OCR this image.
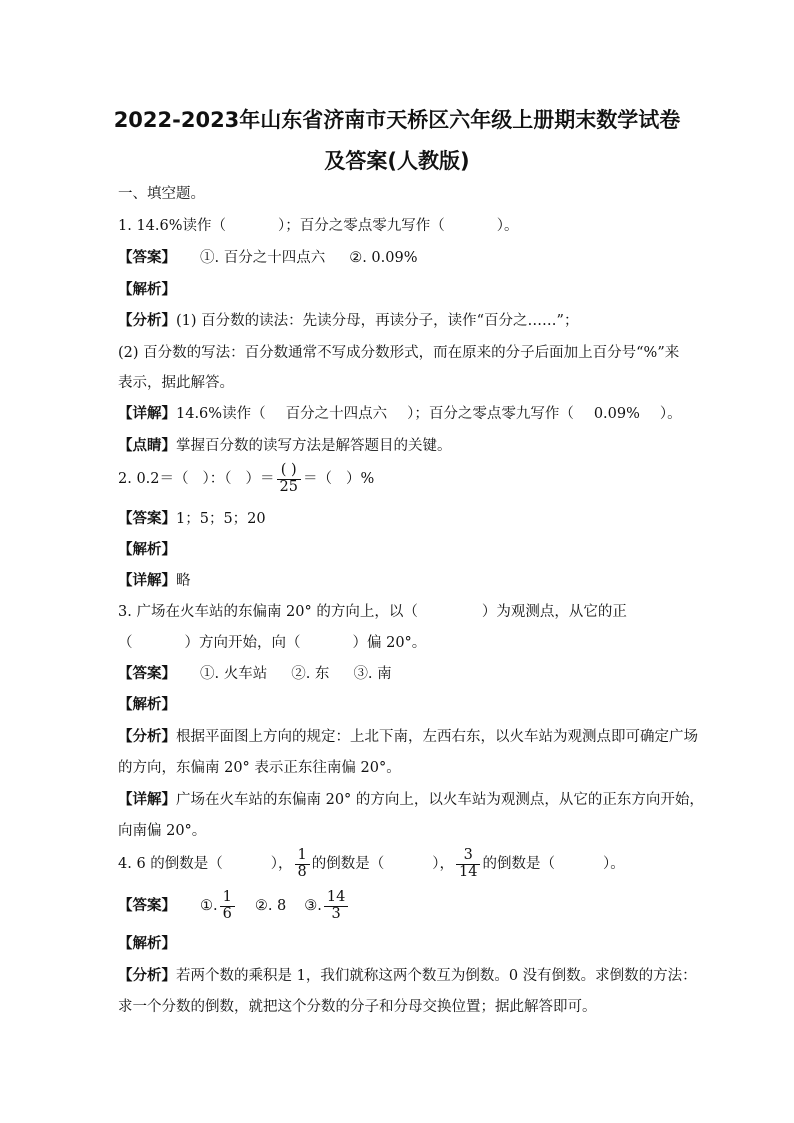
2022-2023年山东省济南市天桥区六年级上册期末数学试卷
及答案(人教版)
一、填空题。
1. 14.6%读作（	）；百分之零点零九写作（	）。
【答案】 ①. 百分之十四点六 ②. 0.09%
【解析】
【分析】(1) 百分数的读法：先读分母，再读分子，读作“百分之……”；
(2) 百分数的写法：百分数通常不写成分数形式，而在原来的分子后面加上百分号“%”来
表示，据此解答。
【详解】14.6%读作（ 百分之十四点六 ）；百分之零点零九写作（ 0.09% ）。
【点睛】掌握百分数的读写方法是解答题目的关键。
2. 0.2＝（ ）：（ ）＝ $\frac{( )}{25}$ ＝（ ）%
【答案】1；5；5；20
【解析】
【详解】略
3. 广场在火车站的东偏南 20° 的方向上，以（	）为观测点，从它的正
（	）方向开始，向（	）偏 20°。
【答案】 ①. 火车站 ②. 东 ③. 南
【解析】
【分析】根据平面图上方向的规定：上北下南，左西右东，以火车站为观测点即可确定广场
的方向，东偏南 20° 表示正东往南偏 20°。
【详解】广场在火车站的东偏南 20° 的方向上，以火车站为观测点，从它的正东方向开始，
向南偏 20°。
4. 6 的倒数是（	）， $\frac{1}{8}$ 的倒数是（	）， $\frac{3}{14}$ 的倒数是（	）。
【答案】 ①. $\frac{1}{6}$ ②. 8 ③. $\frac{14}{3}$
【解析】
【分析】若两个数的乘积是 1，我们就称这两个数互为倒数。0 没有倒数。求倒数的方法：
求一个分数的倒数，就把这个分数的分子和分母交换位置；据此解答即可。
